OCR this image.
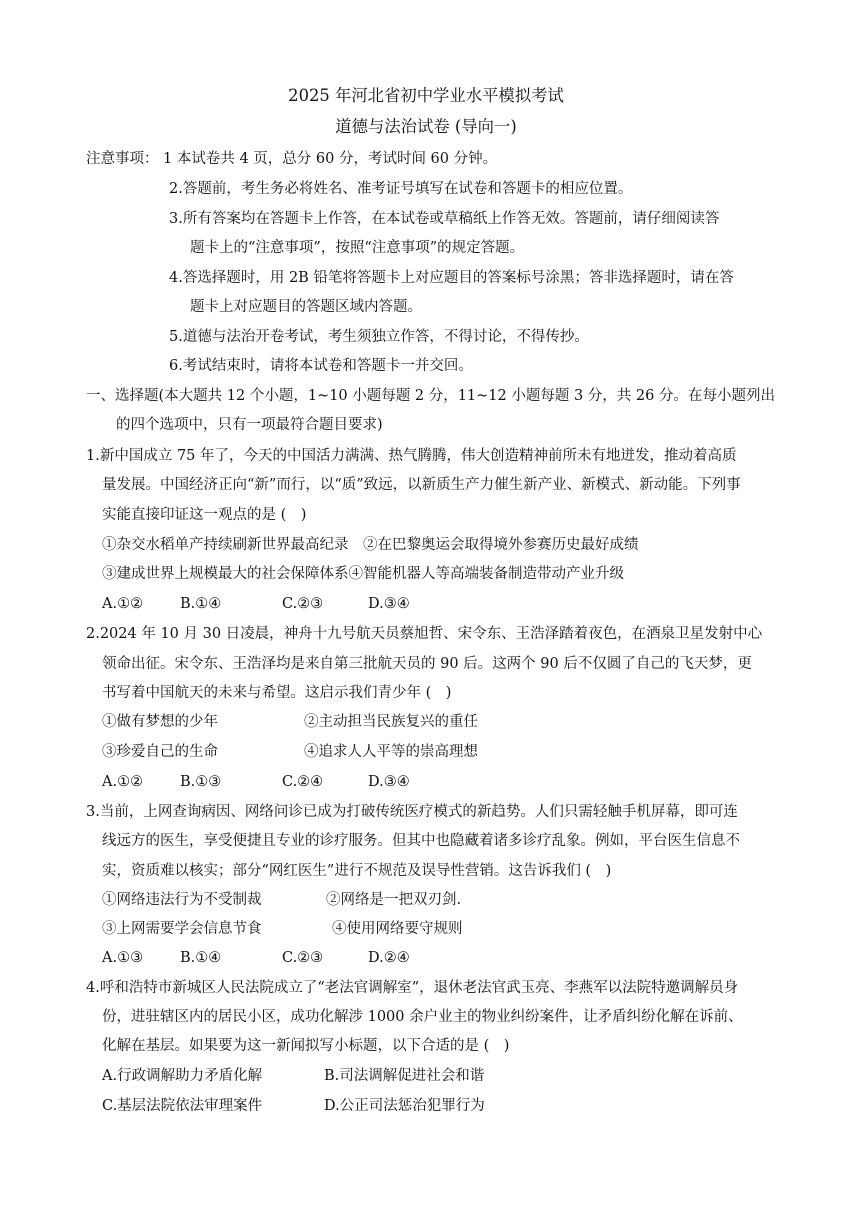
2025 年河北省初中学业水平模拟考试
道德与法治试卷 (导向一)
注意事项： 1 本试卷共 4 页，总分 60 分，考试时间 60 分钟。
2.答题前，考生务必将姓名、准考证号填写在试卷和答题卡的相应位置。
3.所有答案均在答题卡上作答，在本试卷或草稿纸上作答无效。答题前，请仔细阅读答
题卡上的“注意事项”，按照“注意事项”的规定答题。
4.答选择题时，用 2B 铅笔将答题卡上对应题目的答案标号涂黑；答非选择题时，请在答
题卡上对应题目的答题区域内答题。
5.道德与法治开卷考试，考生须独立作答，不得讨论，不得传抄。
6.考试结束时，请将本试卷和答题卡一并交回。
一、选择题(本大题共 12 个小题，1~10 小题每题 2 分，11~12 小题每题 3 分，共 26 分。在每小题列出
的四个选项中，只有一项最符合题目要求)
1.新中国成立 75 年了，今天的中国活力满满、热气腾腾，伟大创造精神前所未有地迸发，推动着高质
量发展。中国经济正向“新”而行，以“质”致远，以新质生产力催生新产业、新模式、新动能。下列事
实能直接印证这一观点的是 (　)
①杂交水稻单产持续刷新世界最高纪录　②在巴黎奥运会取得境外参赛历史最好成绩
③建成世界上规模最大的社会保障体系④智能机器人等高端装备制造带动产业升级
A.①②	B.①④	C.②③	D.③④
2.2024 年 10 月 30 日凌晨，神舟十九号航天员蔡旭哲、宋令东、王浩泽踏着夜色，在酒泉卫星发射中心
领命出征。宋令东、王浩泽均是来自第三批航天员的 90 后。这两个 90 后不仅圆了自己的飞天梦，更
书写着中国航天的未来与希望。这启示我们青少年 (　)
①做有梦想的少年	②主动担当民族复兴的重任
③珍爱自己的生命	④追求人人平等的崇高理想
A.①②	B.①③	C.②④	D.③④
3.当前，上网查询病因、网络问诊已成为打破传统医疗模式的新趋势。人们只需轻触手机屏幕，即可连
线远方的医生，享受便捷且专业的诊疗服务。但其中也隐藏着诸多诊疗乱象。例如，平台医生信息不
实，资质难以核实；部分“网红医生”进行不规范及误导性营销。这告诉我们 (　)
①网络违法行为不受制裁	②网络是一把双刃剑.
③上网需要学会信息节食	④使用网络要守规则
A.①③	B.①④	C.②③	D.②④
4.呼和浩特市新城区人民法院成立了“老法官调解室”，退休老法官武玉亮、李燕军以法院特邀调解员身
份，进驻辖区内的居民小区，成功化解涉 1000 余户业主的物业纠纷案件，让矛盾纠纷化解在诉前、
化解在基层。如果要为这一新闻拟写小标题，以下合适的是 (　)
A.行政调解助力矛盾化解	B.司法调解促进社会和谐
C.基层法院依法审理案件	D.公正司法惩治犯罪行为
